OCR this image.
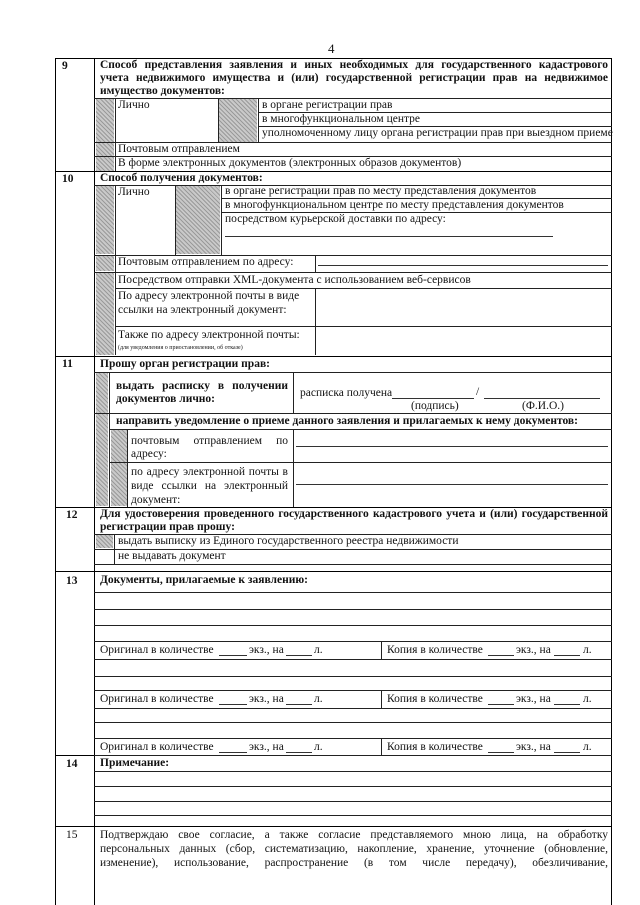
4
9	Способ представления заявления и иных необходимых для государственного кадастрового
учета недвижимого имущества и (или) государственной регистрации прав на недвижимое
имущество документов:
Лично	в органе регистрации прав
в многофункциональном центре
уполномоченному лицу органа регистрации прав при выездном приеме
Почтовым отправлением
В форме электронных документов (электронных образов документов)
10 Способ получения документов:
Лично	в органе регистрации прав по месту представления документов
в многофункциональном центре по месту представления документов
посредством курьерской доставки по адресу:
Почтовым отправлением по адресу:
Посредством отправки XML-документа с использованием веб-сервисов
По адресу электронной почты в виде
ссылки на электронный документ:
Также по адресу электронной почты:
(для уведомления о приостановлении, об отказе)
11 Прошу орган регистрации прав:
выдать расписку в получении
документов лично:	расписка получена	/
(подпись)	(Ф.И.О.)
направить уведомление о приеме данного заявления и прилагаемых к нему документов:
почтовым отправлением по
адресу:
по адресу электронной почты в
виде ссылки на электронный
документ:
12 Для удостоверения проведенного государственного кадастрового учета и (или) государственной
регистрации прав прошу:
выдать выписку из Единого государственного реестра недвижимости
не выдавать документ
13 Документы, прилагаемые к заявлению:
Оригинал в количестве	экз., на	л.	Копия в количестве	экз., на	л.
Оригинал в количестве	экз., на	л.	Копия в количестве	экз., на	л.
Оригинал в количестве	экз., на	л.	Копия в количестве	экз., на	л.
14 Примечание:
15 Подтверждаю свое согласие, а также согласие представляемого мною лица, на обработку
персональных данных (сбор, систематизацию, накопление, хранение, уточнение (обновление,
изменение), использование, распространение (в том числе передачу), обезличивание,
